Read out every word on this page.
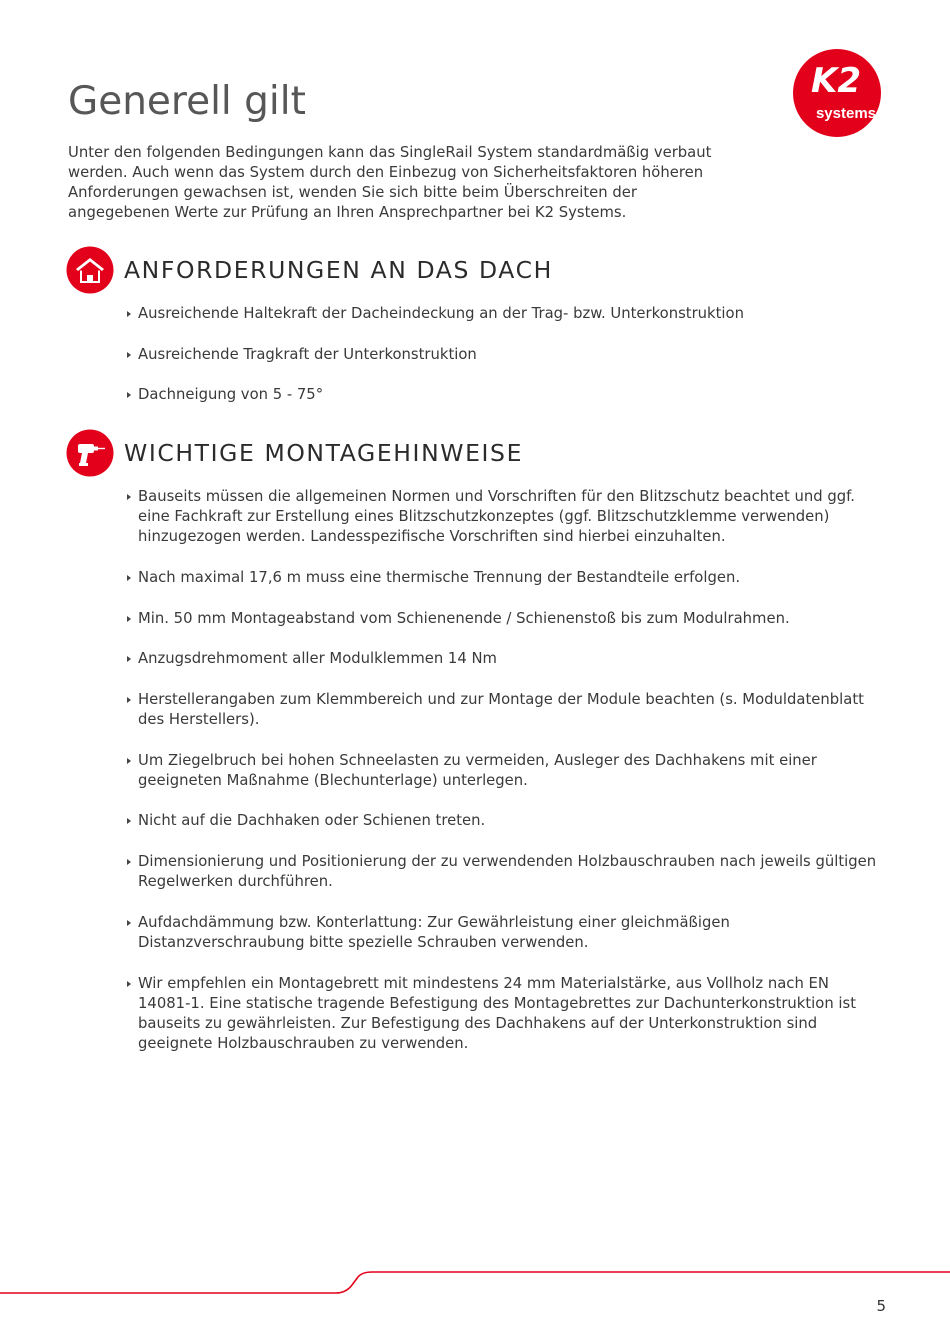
K2
systems
Generell gilt

Unter den folgenden Bedingungen kann das SingleRail System standardmäßig verbaut werden. Auch wenn das System durch den Einbezug von Sicherheitsfaktoren höheren Anforderungen gewachsen ist, wenden Sie sich bitte beim Überschreiten der angegebenen Werte zur Prüfung an Ihren Ansprechpartner bei K2 Systems.

ANFORDERUNGEN AN DAS DACH
Ausreichende Haltekraft der Dacheindeckung an der Trag- bzw. Unterkonstruktion
Ausreichende Tragkraft der Unterkonstruktion
Dachneigung von 5 - 75°
WICHTIGE MONTAGEHINWEISE
Bauseits müssen die allgemeinen Normen und Vorschriften für den Blitzschutz beachtet und ggf. eine Fachkraft zur Erstellung eines Blitzschutzkonzeptes (ggf. Blitzschutzklemme verwenden) hinzugezogen werden. Landesspezifische Vorschriften sind hierbei einzuhalten.
Nach maximal 17,6 m muss eine thermische Trennung der Bestandteile erfolgen.
Min. 50 mm Montageabstand vom Schienenende / Schienenstoß bis zum Modulrahmen.
Anzugsdrehmoment aller Modulklemmen 14 Nm
Herstellerangaben zum Klemmbereich und zur Montage der Module beachten (s. Moduldatenblatt des Herstellers).
Um Ziegelbruch bei hohen Schneelasten zu vermeiden, Ausleger des Dachhakens mit einer geeigneten Maßnahme (Blechunterlage) unterlegen.
Nicht auf die Dachhaken oder Schienen treten.
Dimensionierung und Positionierung der zu verwendenden Holzbauschrauben nach jeweils gültigen Regelwerken durchführen.
Aufdachdämmung bzw. Konterlattung: Zur Gewährleistung einer gleichmäßigen Distanzverschraubung bitte spezielle Schrauben verwenden.
Wir empfehlen ein Montagebrett mit mindestens 24 mm Materialstärke, aus Vollholz nach EN 14081-1. Eine statische tragende Befestigung des Montagebrettes zur Dachunterkonstruktion ist bauseits zu gewährleisten. Zur Befestigung des Dachhakens auf der Unterkonstruktion sind geeignete Holzbauschrauben zu verwenden.
5
